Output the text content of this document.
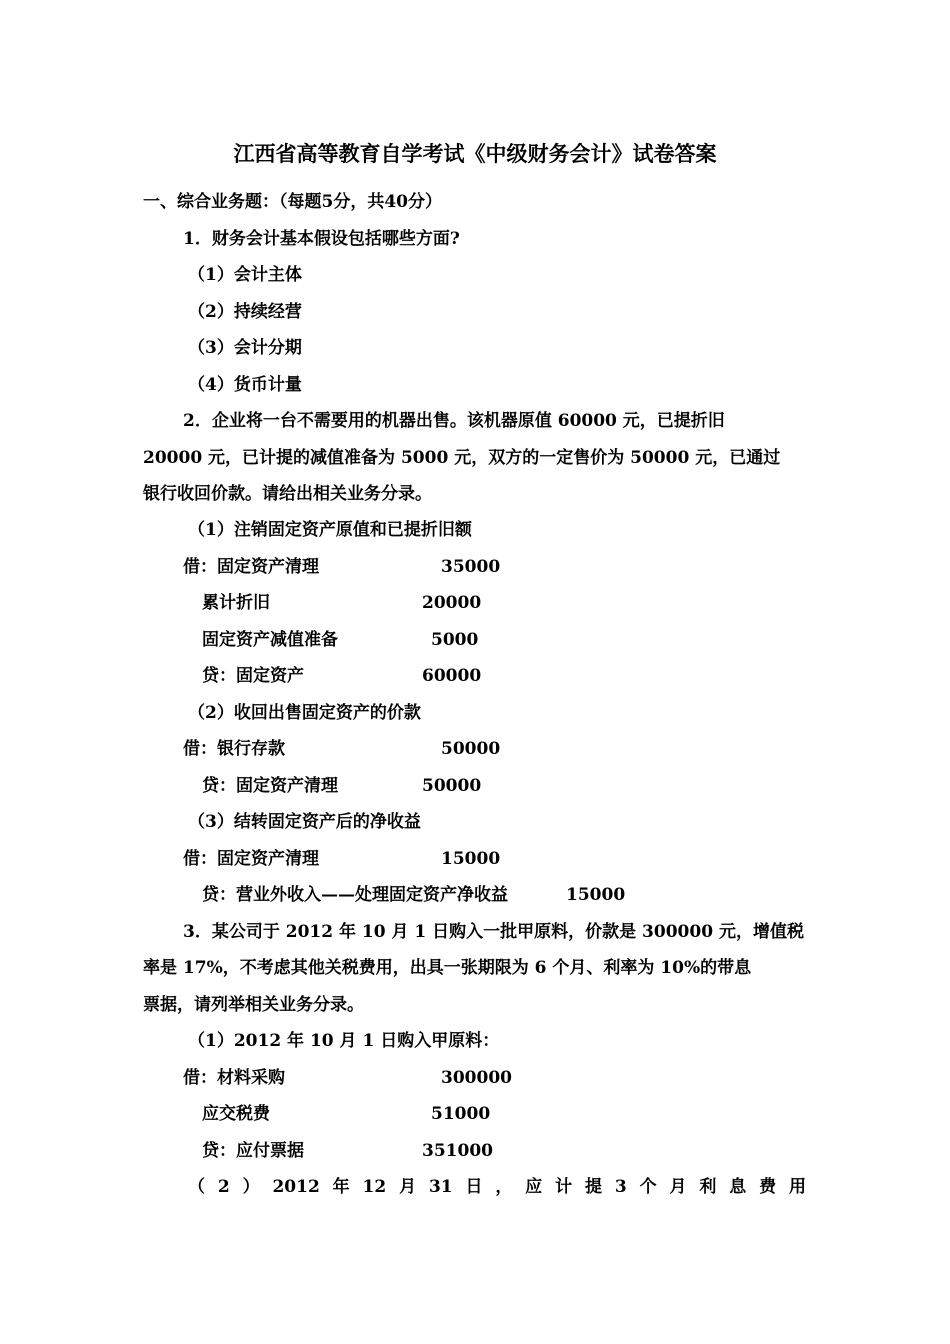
江西省高等教育自学考试《中级财务会计》试卷答案
一、综合业务题：（每题5分，共40分）
1．财务会计基本假设包括哪些方面?
（1）会计主体
（2）持续经营
（3）会计分期
（4）货币计量
2．企业将一台不需要用的机器出售。该机器原值 60000 元，已提折旧
20000 元，已计提的减值准备为 5000 元，双方的一定售价为 50000 元，已通过
银行收回价款。请给出相关业务分录。
（1）注销固定资产原值和已提折旧额
借：固定资产清理	35000
累计折旧	20000
固定资产减值准备	5000
贷：固定资产	60000
（2）收回出售固定资产的价款
借：银行存款	50000
贷：固定资产清理	50000
（3）结转固定资产后的净收益
借：固定资产清理	15000
贷：营业外收入——处理固定资产净收益	15000
3．某公司于 2012 年 10 月 1 日购入一批甲原料，价款是 300000 元，增值税
率是 17%，不考虑其他关税费用，出具一张期限为 6 个月、利率为 10%的带息
票据，请列举相关业务分录。
（1）2012 年 10 月 1 日购入甲原料：
借：材料采购	300000
应交税费	51000
贷：应付票据	351000
（ 2 ） 2012 年 12 月 31 日 ， 应 计 提 3 个 月 利 息 费 用
